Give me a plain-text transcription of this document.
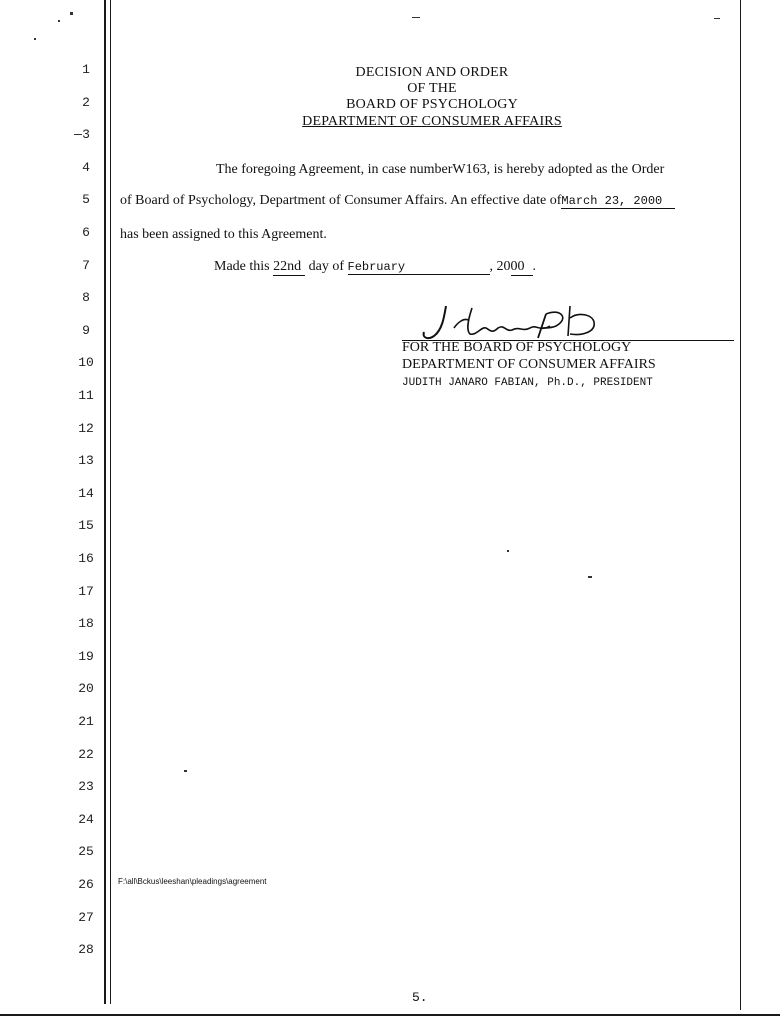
1
2
3
4
5
6
7
8
9
10
11
12
13
14
15
16
17
18
19
20
21
22
23
24
25
26
27
28
DECISION AND ORDER
OF THE
BOARD OF PSYCHOLOGY
DEPARTMENT OF CONSUMER AFFAIRS
The foregoing Agreement, in case numberW163, is hereby adopted as the Order
of Board of Psychology, Department of Consumer Affairs. An effective date ofMarch 23, 2000
has been assigned to this Agreement.
Made this 22nd day of February	, 2000 .
FOR THE BOARD OF PSYCHOLOGY
DEPARTMENT OF CONSUMER AFFAIRS
JUDITH JANARO FABIAN, Ph.D., PRESIDENT
F:\all\Bckus\leeshan\pleadings\agreement
5.
